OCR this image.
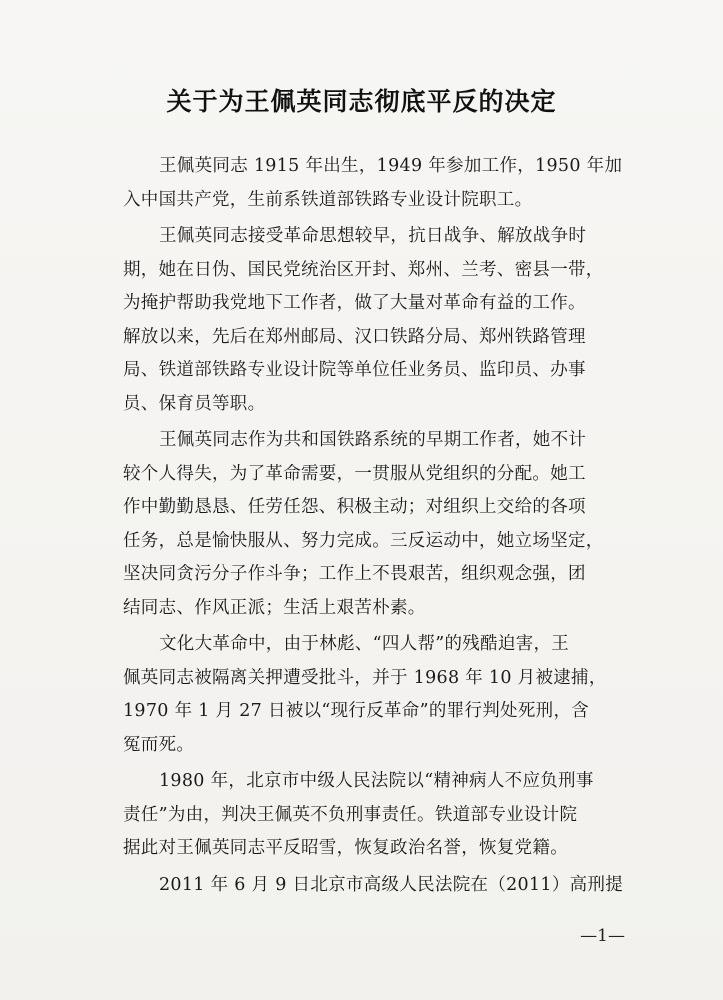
关于为王佩英同志彻底平反的决定

王佩英同志 1915 年出生，1949 年参加工作，1950 年加
入中国共产党，生前系铁道部铁路专业设计院职工。

王佩英同志接受革命思想较早，抗日战争、解放战争时
期，她在日伪、国民党统治区开封、郑州、兰考、密县一带，
为掩护帮助我党地下工作者，做了大量对革命有益的工作。
解放以来，先后在郑州邮局、汉口铁路分局、郑州铁路管理
局、铁道部铁路专业设计院等单位任业务员、监印员、办事
员、保育员等职。

王佩英同志作为共和国铁路系统的早期工作者，她不计
较个人得失，为了革命需要，一贯服从党组织的分配。她工
作中勤勤恳恳、任劳任怨、积极主动；对组织上交给的各项
任务，总是愉快服从、努力完成。三反运动中，她立场坚定，
坚决同贪污分子作斗争；工作上不畏艰苦，组织观念强，团
结同志、作风正派；生活上艰苦朴素。

文化大革命中，由于林彪、“四人帮”的残酷迫害，王
佩英同志被隔离关押遭受批斗，并于 1968 年 10 月被逮捕，
1970 年 1 月 27 日被以“现行反革命”的罪行判处死刑，含
冤而死。

1980 年，北京市中级人民法院以“精神病人不应负刑事
责任”为由，判决王佩英不负刑事责任。铁道部专业设计院
据此对王佩英同志平反昭雪，恢复政治名誉，恢复党籍。

2011 年 6 月 9 日北京市高级人民法院在（2011）高刑提

—1—
